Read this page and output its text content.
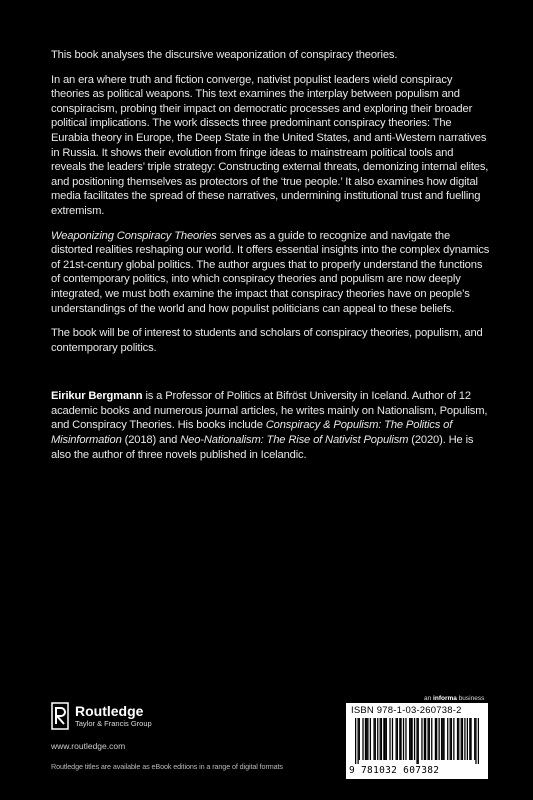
This book analyses the discursive weaponization of conspiracy theories.

In an era where truth and fiction converge, nativist populist leaders wield conspiracy theories as political weapons. This text examines the interplay between populism and conspiracism, probing their impact on democratic processes and exploring their broader political implications. The work dissects three predominant conspiracy theories: The Eurabia theory in Europe, the Deep State in the United States, and anti-Western narratives in Russia. It shows their evolution from fringe ideas to mainstream political tools and reveals the leaders’ triple strategy: Constructing external threats, demonizing internal elites, and positioning themselves as protectors of the ‘true people.’ It also examines how digital media facilitates the spread of these narratives, undermining institutional trust and fuelling extremism.

Weaponizing Conspiracy Theories serves as a guide to recognize and navigate the distorted realities reshaping our world. It offers essential insights into the complex dynamics of 21st-century global politics. The author argues that to properly understand the functions of contemporary politics, into which conspiracy theories and populism are now deeply integrated, we must both examine the impact that conspiracy theories have on people’s understandings of the world and how populist politicians can appeal to these beliefs.

The book will be of interest to students and scholars of conspiracy theories, populism, and contemporary politics.

Eirikur Bergmann is a Professor of Politics at Bifröst University in Iceland. Author of 12 academic books and numerous journal articles, he writes mainly on Nationalism, Populism, and Conspiracy Theories. His books include Conspiracy & Populism: The Politics of Misinformation (2018) and Neo-Nationalism: The Rise of Nativist Populism (2020). He is also the author of three novels published in Icelandic.

Routledge
Taylor & Francis Group
www.routledge.com
Routledge titles are available as eBook editions in a range of digital formats
an informa business
ISBN 978-1-03-260738-2
9 781032 607382
